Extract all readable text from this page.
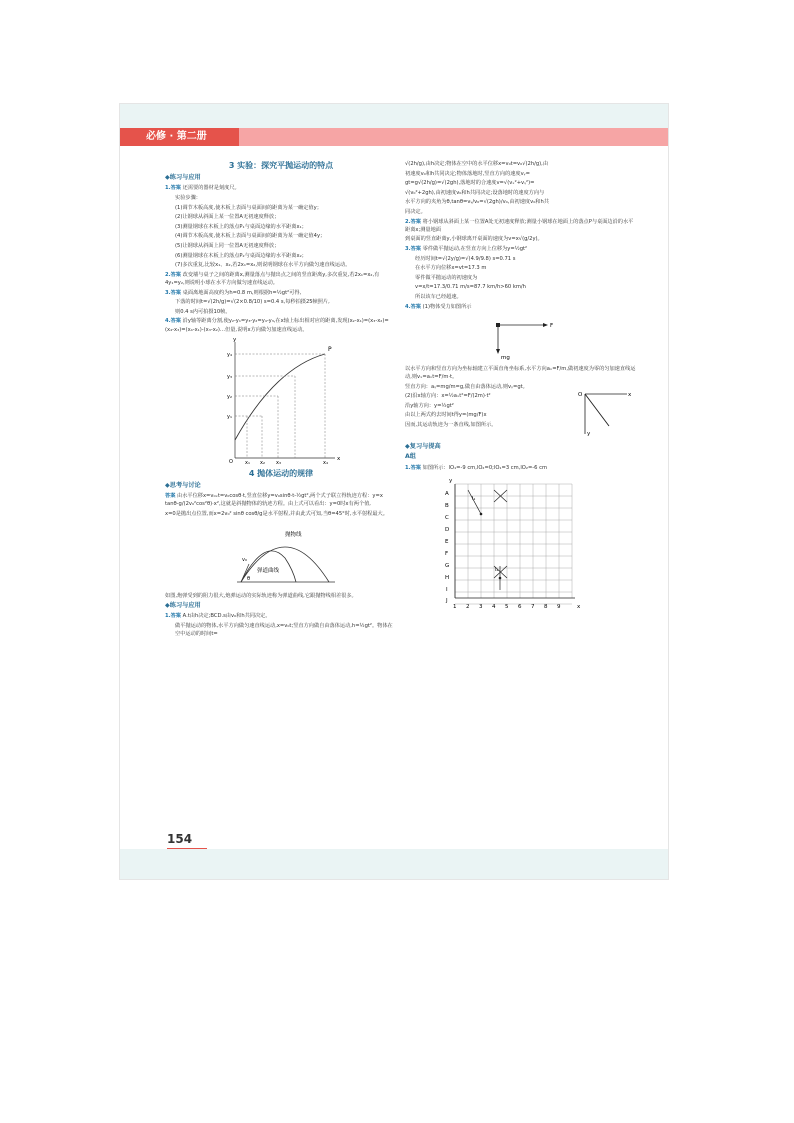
必修 · 第二册
3 实验：探究平抛运动的特点
◆练习与应用
1.答案 还需要的器材是刻度尺。
实验步骤：
(1)调节木板高度,使木板上表面与桌面间的距离为某一确定值y；
(2)让钢球从斜面上某一位置A无初速度释放；
(3)测量钢球在木板上的落点P₁与桌面边缘的水平距离x₁；
(4)调节木板高度,使木板上表面与桌面间的距离为某一确定值4y；
(5)让钢球从斜面上同一位置A无初速度释放；
(6)测量钢球在木板上的落点P₂与桌面边缘的水平距离x₂；
(7)多次重复,比较x₁、x₂,若2x₁=x₂,则说明钢球在水平方向做匀速直线运动。
2.答案 改变墙与桌子之间的距离x,测量落点与抛出点之间的竖直距离y,多次重复,若2x₁=x₂,有4y₁=y₂,则说明小球在水平方向做匀速直线运动。
3.答案 桌面离地面高度约为h=0.8 m,则根据h=½gt²可得,
下落的时间t=√(2h/g)=√(2×0.8/10) s=0.4 s,每秒拍摄25帧照片,
则0.4 s内可拍摄10帧。
4.答案 沿y轴等距离分割,使y₂-y₁=y₃-y₂=y₄-y₃,在x轴上标出相对应的距离,发现(x₂-x₁)=(x₃-x₂)=(x₄-x₃)=(x₄-x₁)-(x₃-x₂)…但量,说明x方向做匀加速直线运动。
O x₁ x₂ x₃	x₄
y₁
y₂
y₃
y₄
P
x
y
4 抛体运动的规律
◆思考与讨论
答案 由水平位移x=v₀ₓt=v₀cosθ·t,竖直位移y=v₀sinθ·t-½gt²,两个式子联立得轨迹方程：y=x tanθ-g/(2v₀²cos²θ)·x²,这就是斜抛物体的轨迹方程。由上式可以看出：y=0时x有两个值,
x=0是抛出点位置,而x=2v₀² sinθ cosθ/g是水平射程,并由此式可知,当θ=45°时,水平射程最大。
v₀
θ
抛物线
弹道曲线
如图,炮弹受到的阻力很大,炮弹运动的实际轨迹称为弹道曲线,它跟抛物线相差很多。
◆练习与应用
1.答案 A.t由h决定;BCD.s由v₀和h共同决定。
做平抛运动的物体,水平方向做匀速直线运动,x=v₀t;竖直方向做自由落体运动,h=½gt²。物体在空中运动的时间t=
√(2h/g),由h决定;物体在空中的水平位移x=v₀t=v₀√(2h/g),由
初速度v₀和h共同决定;物体落地时,竖直方向的速度vᵧ=
gt=g√(2h/g)=√(2gh),落地时的合速度v=√(vₓ²+vᵧ²)=
√(v₀²+2gh),由初速度v₀和h共同决定;设落地时的速度方向与
水平方向的夹角为θ,tanθ=vᵧ/v₀=√(2gh)/v₀,由初速度v₀和h共
同决定。
2.答案 将小钢球从斜面上某一位置A处无初速度释放;测量小钢球在地面上的落点P与桌面边沿的水平距离x;测量地面
到桌面的竖直距离y,小钢球离开桌面的速度为v=x√(g/2y)。
3.答案 零件做平抛运动,在竖直方向上位移为y=½gt²
经历时间t=√(2y/g)=√(4.9/9.8) s=0.71 s
在水平方向位移x=vt=17.3 m
零件做平抛运动的初速度为
v=x/t=17.3/0.71 m/s=87.7 km/h>60 km/h
所以该车已经超速。
4.答案 (1)物体受力如图所示
F
mg
以水平方向和竖直方向为坐标轴建立平面直角坐标系,水平方向aₓ=F/m,做初速度为零的匀加速直线运动,则vₓ=aₓt=F/m·t。
竖直方向：aᵧ=mg/m=g,做自由落体运动,则vᵧ=gt。
(2)沿x轴方向：x=½aₓt²=F/(2m)·t²
沿y轴方向：y=½gt²
由以上两式约去时间t得y=(mg/F)x
因而,其运动轨迹为一条直线,如图所示。
O	x
y
◆复习与提高
A组
1.答案 如图所示：lO₁=-9 cm,lO₂=0;lO₁=3 cm,lO₂=-6 cm
y
x
A
B
C
D
E
F
G
H
I
J
1 2 3 4 5 6 7 8 9
l₁
l₂
154
